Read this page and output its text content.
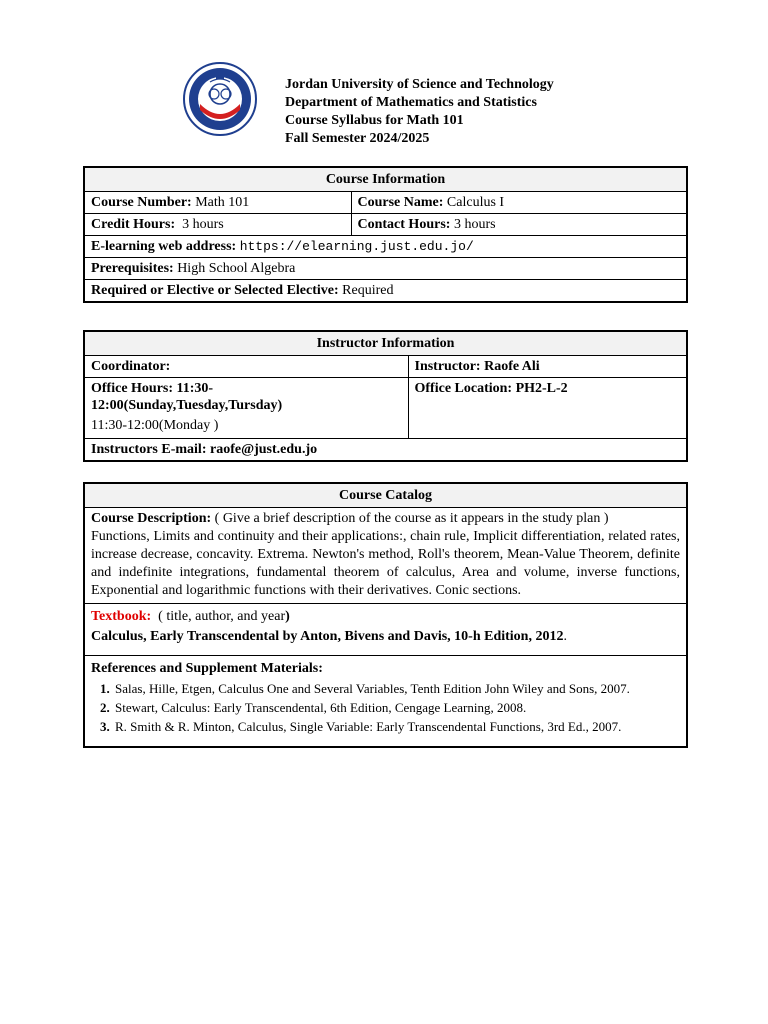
Jordan University of Science and Technology
Department of Mathematics and Statistics
Course Syllabus for Math 101
Fall Semester 2024/2025
Course Information	
Course Number: Math 101	Course Name: Calculus I
Credit Hours:  3 hours	Contact Hours: 3 hours
E-learning web address: https://elearning.just.edu.jo/	
Prerequisites: High School Algebra	
Required or Elective or Selected Elective: Required	
Instructor Information	
Coordinator:	Instructor: Raofe Ali

Office Hours: 11:30-12:00(Sunday,Tuesday,Tursday)
11:30-12:00(Monday )	Office Location: PH2-L-2
Instructors E-mail: raofe@just.edu.jo	
Course Catalog
Course Description: ( Give a brief description of the course as it appears in the study plan )
Functions, Limits and continuity and their applications:, chain rule, Implicit differentiation, related rates, increase decrease, concavity. Extrema. Newton's method, Roll's theorem, Mean-Value Theorem, definite and indefinite integrations, fundamental theorem of calculus, Area and volume, inverse functions, Exponential and logarithmic functions with their derivatives. Conic sections.
Textbook:  ( title, author, and year)
Calculus, Early Transcendental by Anton, Bivens and Davis, 10-h Edition, 2012.

References and Supplement Materials:
1. Salas, Hille, Etgen, Calculus One and Several Variables, Tenth Edition John Wiley and Sons, 2007.
2. Stewart, Calculus: Early Transcendental, 6th Edition, Cengage Learning, 2008.
3. R. Smith & R. Minton, Calculus, Single Variable: Early Transcendental Functions, 3rd Ed., 2007.
